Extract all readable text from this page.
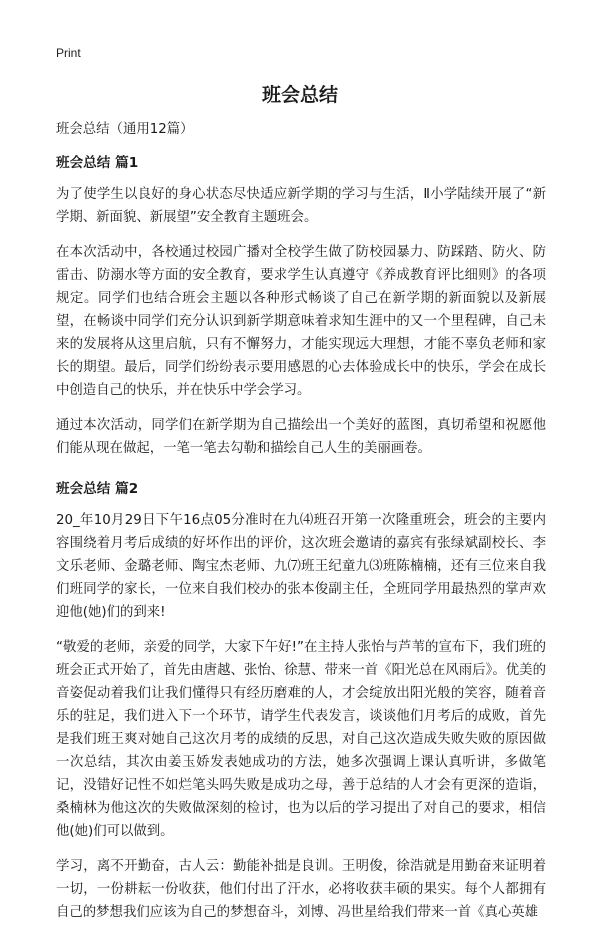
Print
班会总结

班会总结（通用12篇）

班会总结 篇1

为了使学生以良好的身心状态尽快适应新学期的学习与生活，Ⅱ小学陆续开展了“新学期、新面貌、新展望”安全教育主题班会。

在本次活动中，各校通过校园广播对全校学生做了防校园暴力、防踩踏、防火、防雷击、防溺水等方面的安全教育，要求学生认真遵守《养成教育评比细则》的各项规定。同学们也结合班会主题以各种形式畅谈了自己在新学期的新面貌以及新展望，在畅谈中同学们充分认识到新学期意味着求知生涯中的又一个里程碑，自己未来的发展将从这里启航，只有不懈努力，才能实现远大理想，才能不辜负老师和家长的期望。最后，同学们纷纷表示要用感恩的心去体验成长中的快乐，学会在成长中创造自己的快乐，并在快乐中学会学习。

通过本次活动，同学们在新学期为自己描绘出一个美好的蓝图，真切希望和祝愿他们能从现在做起，一笔一笔去勾勒和描绘自己人生的美丽画卷。

班会总结 篇2

20_年10月29日下午16点05分准时在九⑷班召开第一次隆重班会，班会的主要内容围绕着月考后成绩的好坏作出的评价，这次班会邀请的嘉宾有张绿斌副校长、李文乐老师、金璐老师、陶宝杰老师、九⑺班王纪童九⑶班陈楠楠，还有三位来自我们班同学的家长，一位来自我们校办的张本俊副主任，全班同学用最热烈的掌声欢迎他(她)们的到来!

“敬爱的老师，亲爱的同学，大家下午好!”在主持人张怡与芦苇的宣布下，我们班的班会正式开始了，首先由唐越、张怡、徐慧、带来一首《阳光总在风雨后》。优美的音姿促动着我们让我们懂得只有经历磨难的人，才会绽放出阳光般的笑容，随着音乐的驻足，我们进入下一个环节，请学生代表发言，谈谈他们月考后的成败，首先是我们班王爽对她自己这次月考的成绩的反思，对自己这次造成失败失败的原因做一次总结，其次由姜玉娇发表她成功的方法，她多次强调上课认真听讲，多做笔记，没错好记性不如烂笔头吗失败是成功之母，善于总结的人才会有更深的造诣，桑楠林为他这次的失败做深刻的检讨，也为以后的学习提出了对自己的要求，相信他(她)们可以做到。

学习，离不开勤奋，古人云：勤能补拙是良训。王明俊，徐浩就是用勤奋来证明着一切，一份耕耘一份收获，他们付出了汗水，必将收获丰硕的果实。每个人都拥有自己的梦想我们应该为自己的梦想奋斗，刘博、冯世星给我们带来一首《真心英雄
